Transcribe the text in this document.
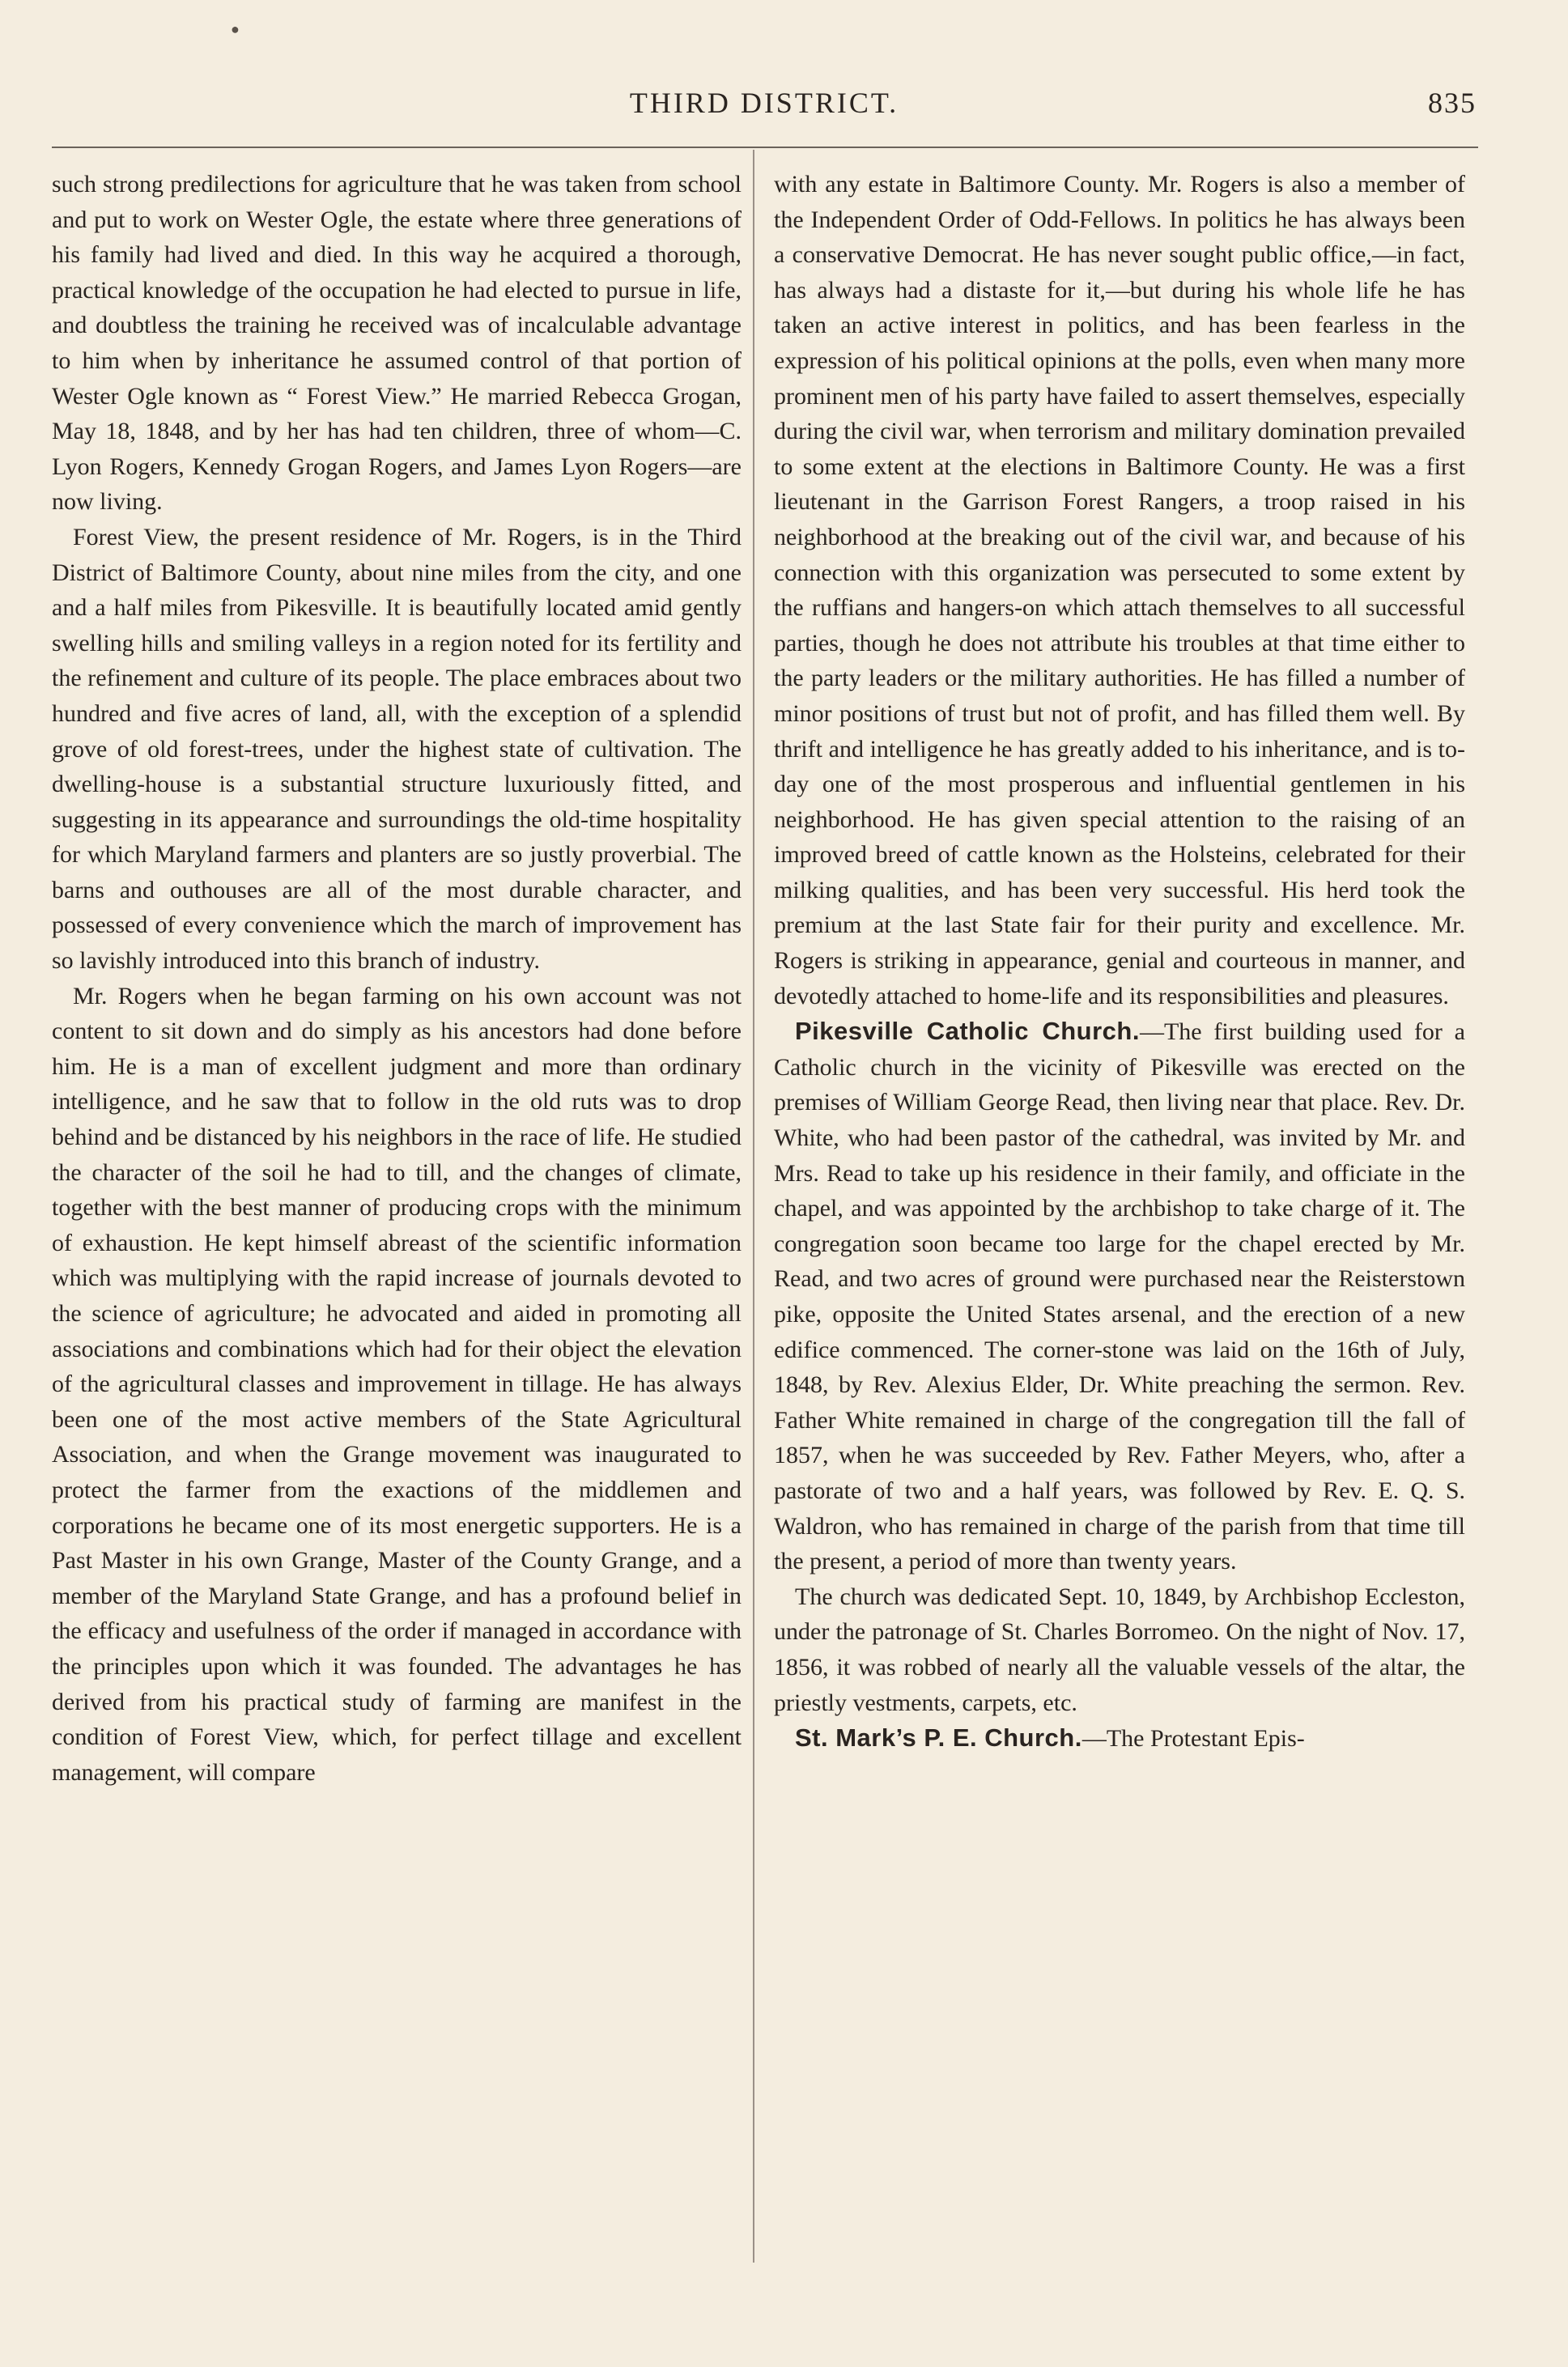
●
THIRD DISTRICT.	835

such strong predilections for agriculture that he was taken from school and put to work on Wester Ogle, the estate where three generations of his family had lived and died. In this way he acquired a thorough, practical knowledge of the occupation he had elected to pursue in life, and doubtless the training he received was of incalculable advantage to him when by inheritance he assumed control of that portion of Wester Ogle known as “ Forest View.” He married Rebecca Grogan, May 18, 1848, and by her has had ten children, three of whom—C. Lyon Rogers, Kennedy Grogan Rogers, and James Lyon Rogers—are now living.

Forest View, the present residence of Mr. Rogers, is in the Third District of Baltimore County, about nine miles from the city, and one and a half miles from Pikesville. It is beautifully located amid gently swelling hills and smiling valleys in a region noted for its fertility and the refinement and culture of its people. The place embraces about two hundred and five acres of land, all, with the exception of a splendid grove of old forest-trees, under the highest state of cultivation. The dwelling-house is a substantial structure luxuriously fitted, and suggesting in its appearance and surroundings the old-time hospitality for which Maryland farmers and planters are so justly proverbial. The barns and outhouses are all of the most durable character, and possessed of every convenience which the march of improvement has so lavishly introduced into this branch of industry.

Mr. Rogers when he began farming on his own account was not content to sit down and do simply as his ancestors had done before him. He is a man of excellent judgment and more than ordinary intelligence, and he saw that to follow in the old ruts was to drop behind and be distanced by his neighbors in the race of life. He studied the character of the soil he had to till, and the changes of climate, together with the best manner of producing crops with the minimum of exhaustion. He kept himself abreast of the scientific information which was multiplying with the rapid increase of journals devoted to the science of agriculture; he advocated and aided in promoting all associations and combinations which had for their object the elevation of the agricultural classes and improvement in tillage. He has always been one of the most active members of the State Agricultural Association, and when the Grange movement was inaugurated to protect the farmer from the exactions of the middlemen and corporations he became one of its most energetic supporters. He is a Past Master in his own Grange, Master of the County Grange, and a member of the Maryland State Grange, and has a profound belief in the efficacy and usefulness of the order if managed in accordance with the principles upon which it was founded. The advantages he has derived from his practical study of farming are manifest in the condition of Forest View, which, for perfect tillage and excellent management, will compare

with any estate in Baltimore County. Mr. Rogers is also a member of the Independent Order of Odd-Fellows. In politics he has always been a conservative Democrat. He has never sought public office,—in fact, has always had a distaste for it,—but during his whole life he has taken an active interest in politics, and has been fearless in the expression of his political opinions at the polls, even when many more prominent men of his party have failed to assert themselves, especially during the civil war, when terrorism and military domination prevailed to some extent at the elections in Baltimore County. He was a first lieutenant in the Garrison Forest Rangers, a troop raised in his neighborhood at the breaking out of the civil war, and because of his connection with this organization was persecuted to some extent by the ruffians and hangers-on which attach themselves to all successful parties, though he does not attribute his troubles at that time either to the party leaders or the military authorities. He has filled a number of minor positions of trust but not of profit, and has filled them well. By thrift and intelligence he has greatly added to his inheritance, and is to-day one of the most prosperous and influential gentlemen in his neighborhood. He has given special attention to the raising of an improved breed of cattle known as the Holsteins, celebrated for their milking qualities, and has been very successful. His herd took the premium at the last State fair for their purity and excellence. Mr. Rogers is striking in appearance, genial and courteous in manner, and devotedly attached to home-life and its responsibilities and pleasures.

Pikesville Catholic Church.—The first building used for a Catholic church in the vicinity of Pikesville was erected on the premises of William George Read, then living near that place. Rev. Dr. White, who had been pastor of the cathedral, was invited by Mr. and Mrs. Read to take up his residence in their family, and officiate in the chapel, and was appointed by the archbishop to take charge of it. The congregation soon became too large for the chapel erected by Mr. Read, and two acres of ground were purchased near the Reisterstown pike, opposite the United States arsenal, and the erection of a new edifice commenced. The corner-stone was laid on the 16th of July, 1848, by Rev. Alexius Elder, Dr. White preaching the sermon. Rev. Father White remained in charge of the congregation till the fall of 1857, when he was succeeded by Rev. Father Meyers, who, after a pastorate of two and a half years, was followed by Rev. E. Q. S. Waldron, who has remained in charge of the parish from that time till the present, a period of more than twenty years.

The church was dedicated Sept. 10, 1849, by Archbishop Eccleston, under the patronage of St. Charles Borromeo. On the night of Nov. 17, 1856, it was robbed of nearly all the valuable vessels of the altar, the priestly vestments, carpets, etc.

St. Mark’s P. E. Church.—The Protestant Epis-
